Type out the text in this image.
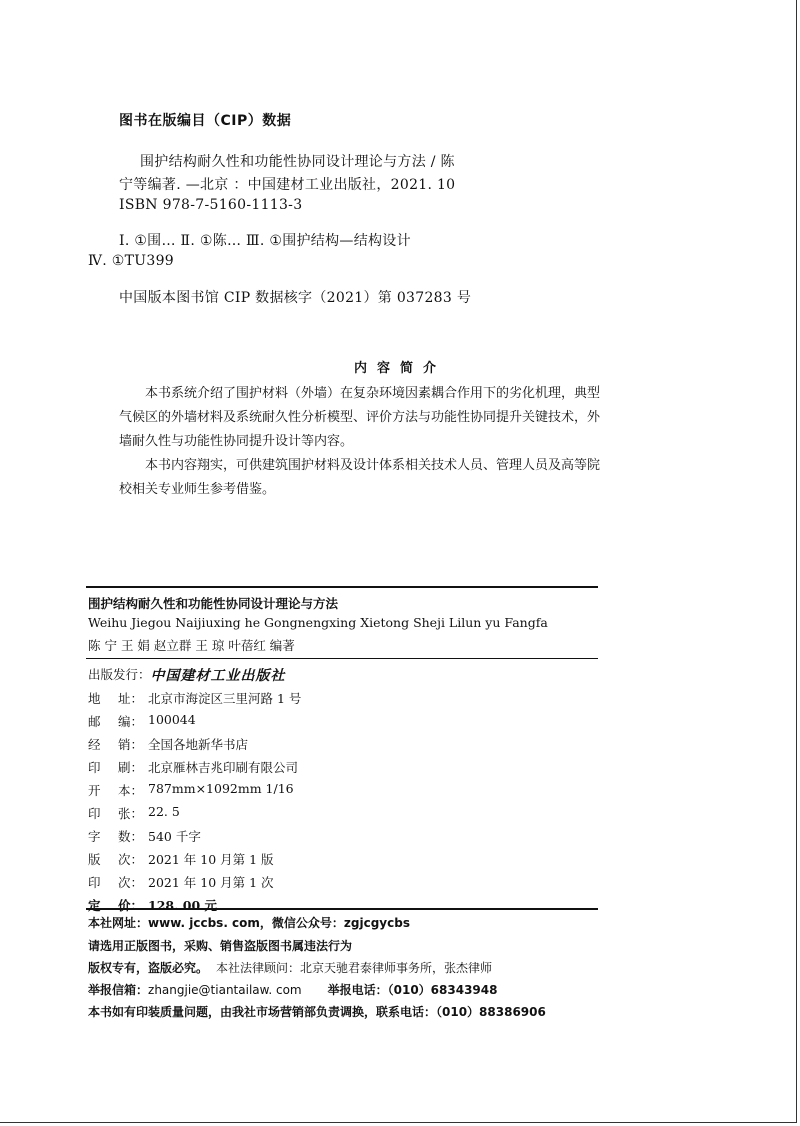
图书在版编目（CIP）数据
围护结构耐久性和功能性协同设计理论与方法 / 陈
宁等编著. —北京 ：中国建材工业出版社，2021. 10
ISBN 978-7-5160-1113-3
Ⅰ. ①围… Ⅱ. ①陈… Ⅲ. ①围护结构—结构设计
Ⅳ. ①TU399
中国版本图书馆 CIP 数据核字（2021）第 037283 号
内容简介
本书系统介绍了围护材料（外墙）在复杂环境因素耦合作用下的劣化机理，典型
气候区的外墙材料及系统耐久性分析模型、评价方法与功能性协同提升关键技术，外
墙耐久性与功能性协同提升设计等内容。
本书内容翔实，可供建筑围护材料及设计体系相关技术人员、管理人员及高等院
校相关专业师生参考借鉴。
围护结构耐久性和功能性协同设计理论与方法
Weihu Jiegou Naijiuxing he Gongnengxing Xietong Sheji Lilun yu Fangfa
陈 宁 王 娟 赵立群 王 琼 叶蓓红 编著
出版发行： 中国建材工业出版社
地 址： 北京市海淀区三里河路 1 号
邮 编： 100044
经 销： 全国各地新华书店
印 刷： 北京雁林吉兆印刷有限公司
开 本： 787mm×1092mm 1/16
印 张： 22. 5
字 数： 540 千字
版 次： 2021 年 10 月第 1 版
印 次： 2021 年 10 月第 1 次
定 价： 128. 00 元
本社网址：www. jccbs. com，微信公众号：zgjcgycbs
请选用正版图书，采购、销售盗版图书属违法行为
版权专有，盗版必究。 本社法律顾问：北京天驰君泰律师事务所，张杰律师
举报信箱：zhangjie@tiantailaw. com 举报电话：（010）68343948
本书如有印装质量问题，由我社市场营销部负责调换，联系电话：（010）88386906
